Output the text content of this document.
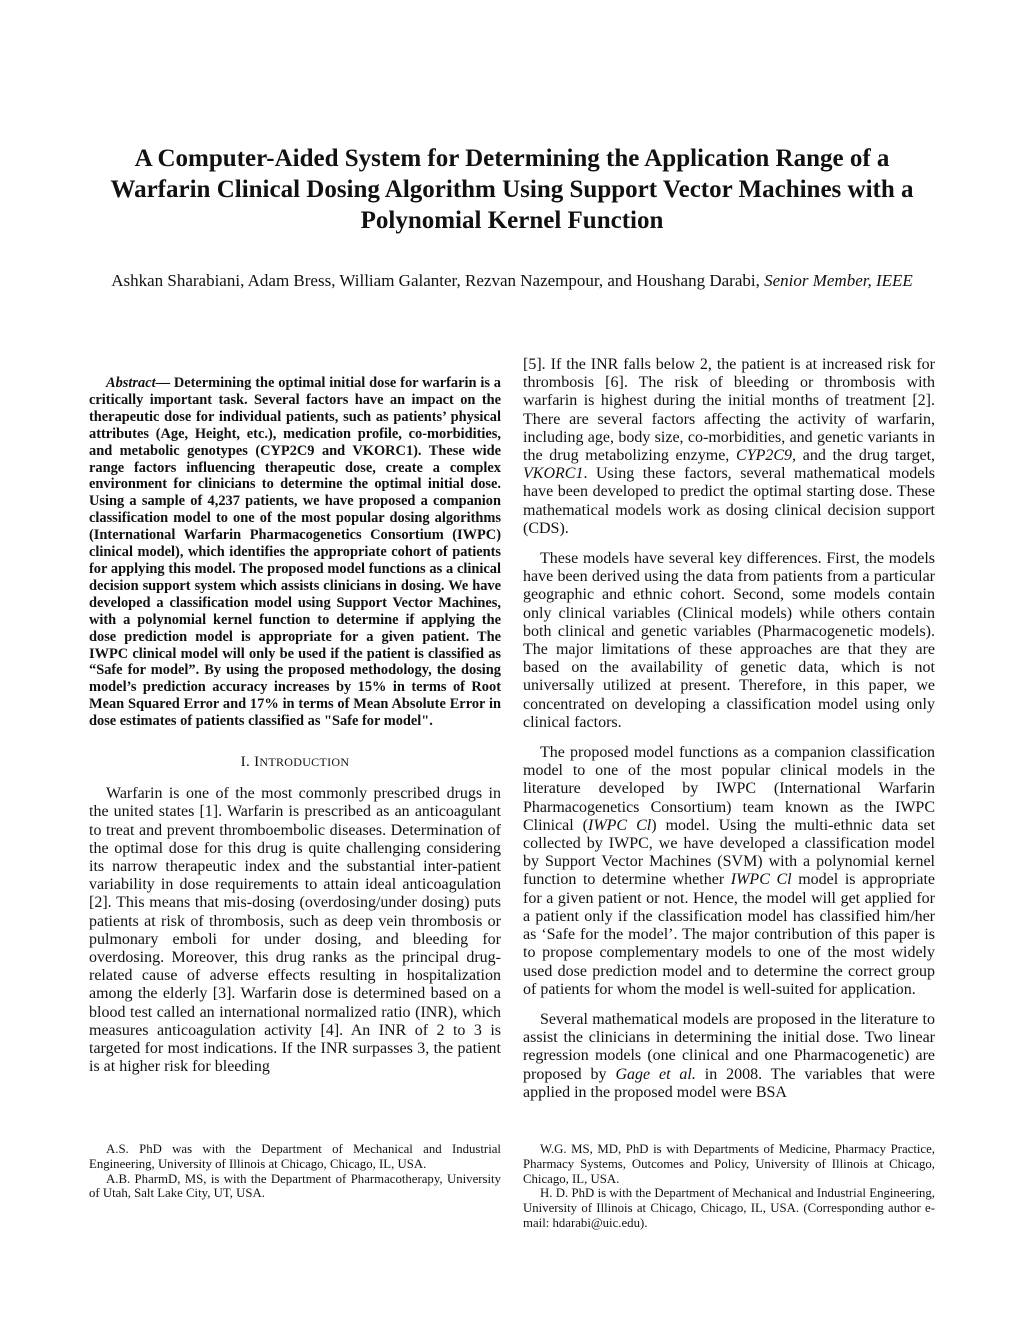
A Computer-Aided System for Determining the Application Range of a Warfarin Clinical Dosing Algorithm Using Support Vector Machines with a Polynomial Kernel Function
Ashkan Sharabiani, Adam Bress, William Galanter, Rezvan Nazempour, and Houshang Darabi, Senior Member, IEEE

Abstract— Determining the optimal initial dose for warfarin is a critically important task. Several factors have an impact on the therapeutic dose for individual patients, such as patients’ physical attributes (Age, Height, etc.), medication profile, co-morbidities, and metabolic genotypes (CYP2C9 and VKORC1). These wide range factors influencing therapeutic dose, create a complex environment for clinicians to determine the optimal initial dose. Using a sample of 4,237 patients, we have proposed a companion classification model to one of the most popular dosing algorithms (International Warfarin Pharmacogenetics Consortium (IWPC) clinical model), which identifies the appropriate cohort of patients for applying this model. The proposed model functions as a clinical decision support system which assists clinicians in dosing. We have developed a classification model using Support Vector Machines, with a polynomial kernel function to determine if applying the dose prediction model is appropriate for a given patient. The IWPC clinical model will only be used if the patient is classified as “Safe for model”. By using the proposed methodology, the dosing model’s prediction accuracy increases by 15% in terms of Root Mean Squared Error and 17% in terms of Mean Absolute Error in dose estimates of patients classified as "Safe for model".

I. INTRODUCTION

Warfarin is one of the most commonly prescribed drugs in the united states [1]. Warfarin is prescribed as an anticoagulant to treat and prevent thromboembolic diseases. Determination of the optimal dose for this drug is quite challenging considering its narrow therapeutic index and the substantial inter-patient variability in dose requirements to attain ideal anticoagulation [2]. This means that mis-dosing (overdosing/under dosing) puts patients at risk of thrombosis, such as deep vein thrombosis or pulmonary emboli for under dosing, and bleeding for overdosing. Moreover, this drug ranks as the principal drug-related cause of adverse effects resulting in hospitalization among the elderly [3]. Warfarin dose is determined based on a blood test called an international normalized ratio (INR), which measures anticoagulation activity [4]. An INR of 2 to 3 is targeted for most indications. If the INR surpasses 3, the patient is at higher risk for bleeding

[5]. If the INR falls below 2, the patient is at increased risk for thrombosis [6]. The risk of bleeding or thrombosis with warfarin is highest during the initial months of treatment [2]. There are several factors affecting the activity of warfarin, including age, body size, co-morbidities, and genetic variants in the drug metabolizing enzyme, CYP2C9, and the drug target, VKORC1. Using these factors, several mathematical models have been developed to predict the optimal starting dose. These mathematical models work as dosing clinical decision support (CDS).

These models have several key differences. First, the models have been derived using the data from patients from a particular geographic and ethnic cohort. Second, some models contain only clinical variables (Clinical models) while others contain both clinical and genetic variables (Pharmacogenetic models). The major limitations of these approaches are that they are based on the availability of genetic data, which is not universally utilized at present. Therefore, in this paper, we concentrated on developing a classification model using only clinical factors.

The proposed model functions as a companion classification model to one of the most popular clinical models in the literature developed by IWPC (International Warfarin Pharmacogenetics Consortium) team known as the IWPC Clinical (IWPC Cl) model. Using the multi-ethnic data set collected by IWPC, we have developed a classification model by Support Vector Machines (SVM) with a polynomial kernel function to determine whether IWPC Cl model is appropriate for a given patient or not. Hence, the model will get applied for a patient only if the classification model has classified him/her as ‘Safe for the model’. The major contribution of this paper is to propose complementary models to one of the most widely used dose prediction model and to determine the correct group of patients for whom the model is well-suited for application.

Several mathematical models are proposed in the literature to assist the clinicians in determining the initial dose. Two linear regression models (one clinical and one Pharmacogenetic) are proposed by Gage et al. in 2008. The variables that were applied in the proposed model were BSA

A.S. PhD was with the Department of Mechanical and Industrial Engineering, University of Illinois at Chicago, Chicago, IL, USA.

A.B. PharmD, MS, is with the Department of Pharmacotherapy, University of Utah, Salt Lake City, UT, USA.

W.G. MS, MD, PhD is with Departments of Medicine, Pharmacy Practice, Pharmacy Systems, Outcomes and Policy, University of Illinois at Chicago, Chicago, IL, USA.

H. D. PhD is with the Department of Mechanical and Industrial Engineering, University of Illinois at Chicago, Chicago, IL, USA. (Corresponding author e-mail: hdarabi@uic.edu).
